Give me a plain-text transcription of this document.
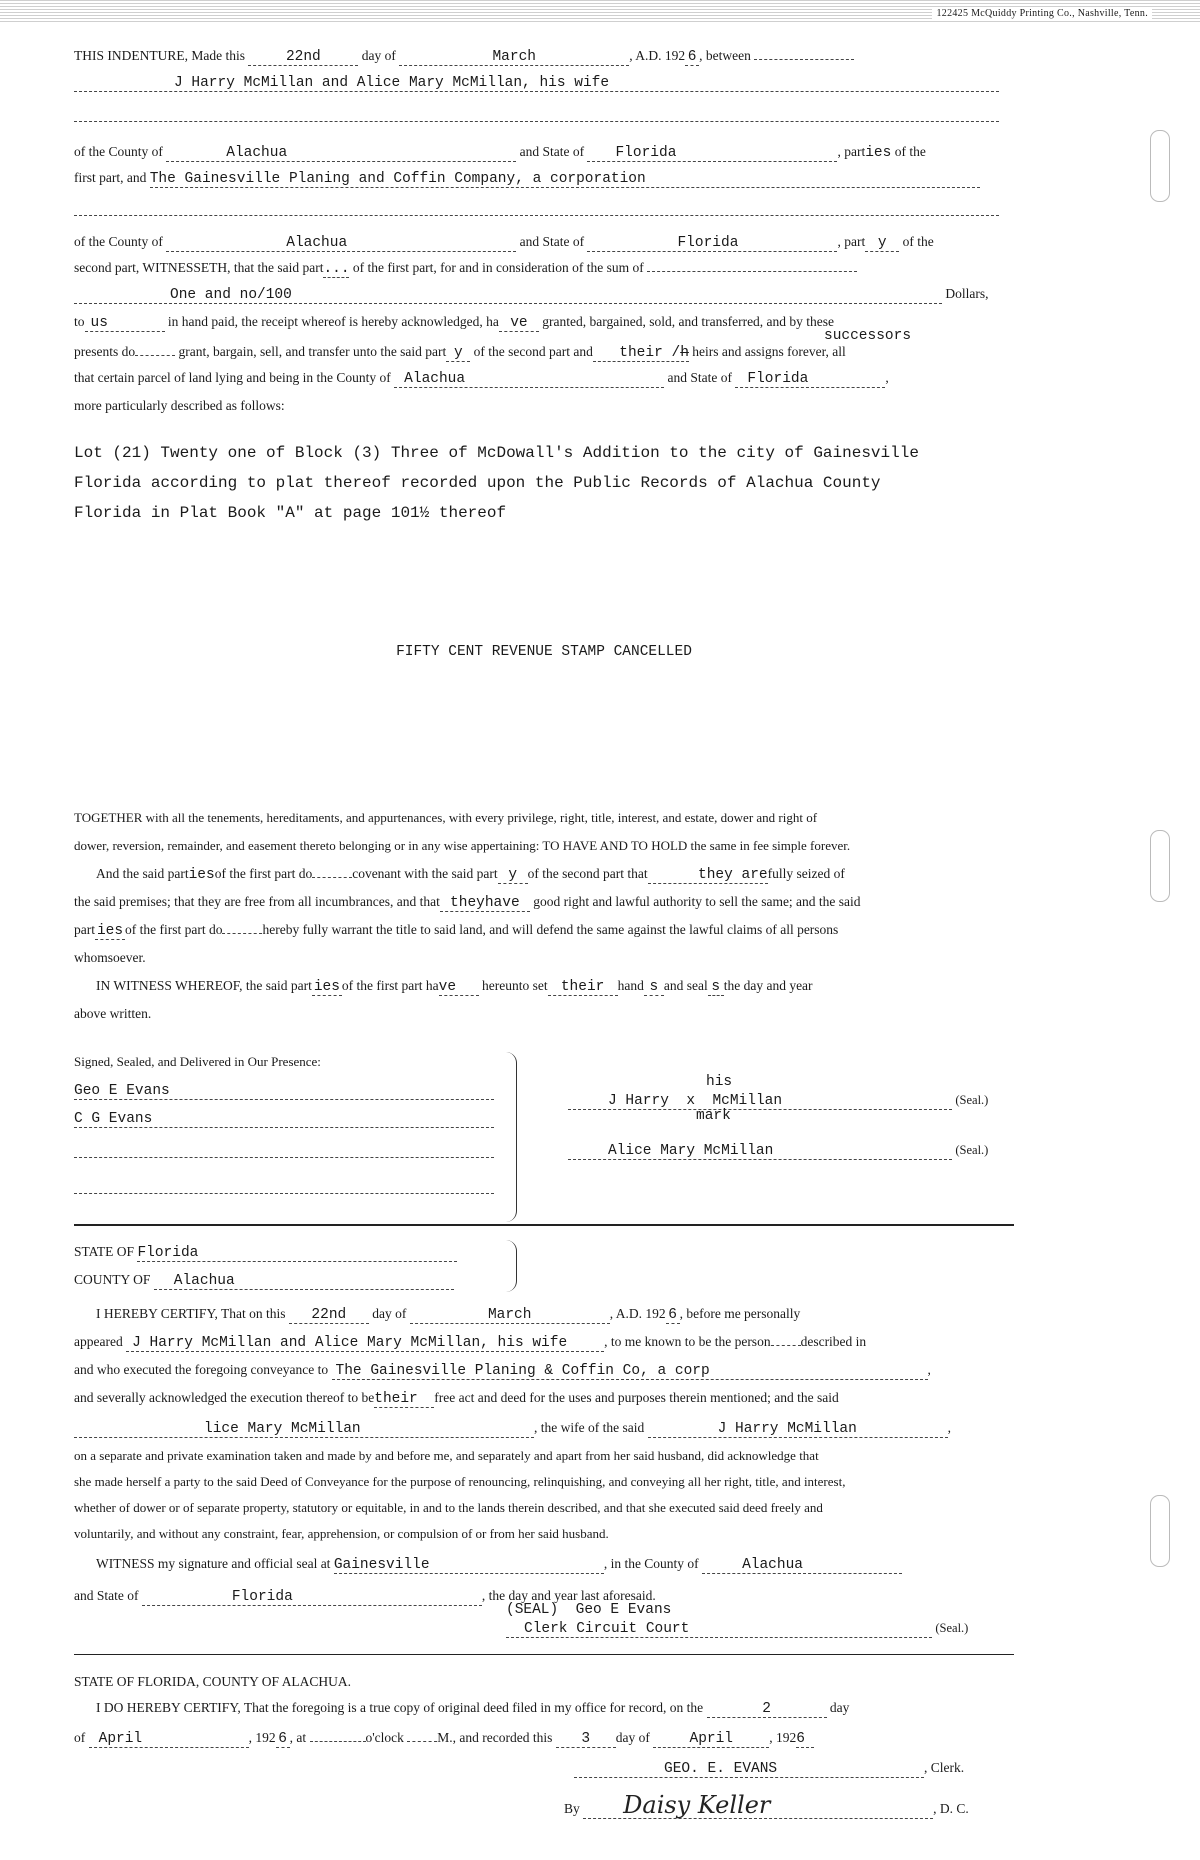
122425 McQuiddy Printing Co., Nashville, Tenn.
THIS INDENTURE, Made this	22nd	day of	March	, A.D. 192 6 , between
J Harry McMillan and Alice Mary McMillan, his wife
of the County of	Alachua	and State of Florida	, parties of the
first part, and The Gainesville Planing and Coffin Company, a corporation
of the County of	Alachua	and State of	Florida	, part y of the
second part, WITNESSETH, that the said part... of the first part, for and in consideration of the sum of
One and no/100	Dollars,
to us	in hand paid, the receipt whereof is hereby acknowledged, ha ve granted, bargained, sold, and transferred, and by these
presents do	grant, bargain, sell, and transfer unto the said part y of the second part and their /h heirs and assigns forever, all
successors
that certain parcel of land lying and being in the County of Alachua	and State of Florida	,
more particularly described as follows:
Lot (21) Twenty one of Block (3) Three of McDowall's Addition to the city of Gainesville
Florida according to plat thereof recorded upon the Public Records of Alachua County
Florida in Plat Book "A" at page 101½ thereof
FIFTY CENT REVENUE STAMP CANCELLED
TOGETHER with all the tenements, hereditaments, and appurtenances, with every privilege, right, title, interest, and estate, dower and right of
dower, reversion, remainder, and easement thereto belonging or in any wise appertaining: TO HAVE AND TO HOLD the same in fee simple forever.
And the said partiesof the first part do	covenant with the said part y of the second part that	they arefully seized of
the said premises; that they are free from all incumbrances, and that theyhave good right and lawful authority to sell the same; and the said
part ies of the first part do	hereby fully warrant the title to said land, and will defend the same against the lawful claims of all persons
whomsoever.
IN WITNESS WHEREOF, the said part ies of the first part have hereunto set their hand s and seal s the day and year
above written.
Signed, Sealed, and Delivered in Our Presence:
Geo E Evans
C G Evans
his
J Harry x McMillan	(Seal.)
mark
Alice Mary McMillan	(Seal.)
STATE OF Florida
COUNTY OF Alachua
I HEREBY CERTIFY, That on this 22nd day of	March	, A.D. 192 6 , before me personally
appeared J Harry McMillan and Alice Mary McMillan, his wife	, to me known to be the person described in
and who executed the foregoing conveyance to The Gainesville Planing & Coffin Co, a corp	,
and severally acknowledged the execution thereof to betheir free act and deed for the uses and purposes therein mentioned; and the said
lice Mary McMillan	, the wife of the said	J Harry McMillan	,
on a separate and private examination taken and made by and before me, and separately and apart from her said husband, did acknowledge that
she made herself a party to the said Deed of Conveyance for the purpose of renouncing, relinquishing, and conveying all her right, title, and interest,
whether of dower or of separate property, statutory or equitable, in and to the lands therein described, and that she executed said deed freely and
voluntarily, and without any constraint, fear, apprehension, or compulsion of or from her said husband.
WITNESS my signature and official seal at Gainesville	, in the County of	Alachua
and State of	Florida	, the day and year last aforesaid.
(SEAL) Geo E Evans
Clerk Circuit Court	(Seal.)
STATE OF FLORIDA, COUNTY OF ALACHUA.
I DO HEREBY CERTIFY, That the foregoing is a true copy of original deed filed in my office for record, on the	2	day
of April	, 192 6 , at	o'clock M., and recorded this 3 day of	April	, 1926
GEO. E. EVANS	, Clerk.
By Daisy Keller	, D. C.
